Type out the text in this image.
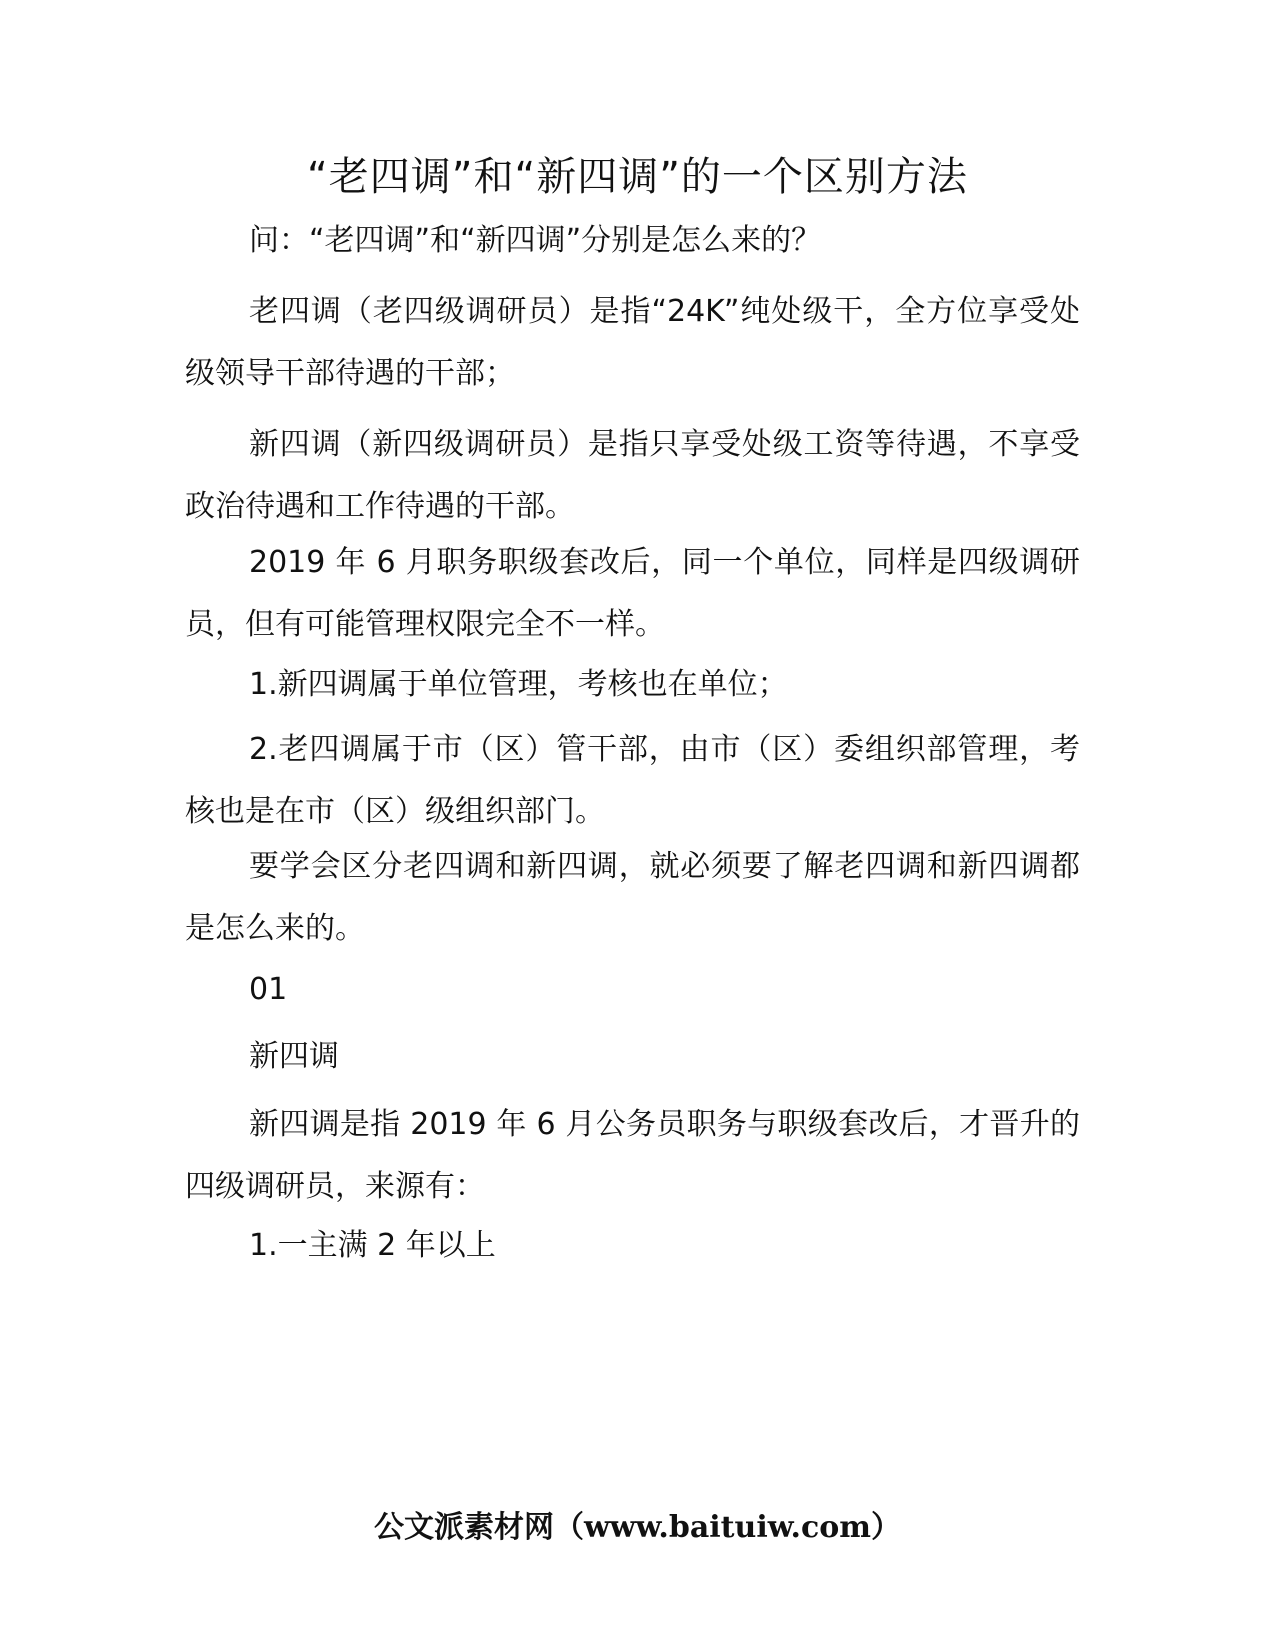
“老四调”和“新四调”的一个区别方法

问：“老四调”和“新四调”分别是怎么来的？

老四调（老四级调研员）是指“24K”纯处级干，全方位享受处级领导干部待遇的干部；

新四调（新四级调研员）是指只享受处级工资等待遇，不享受政治待遇和工作待遇的干部。

2019 年 6 月职务职级套改后，同一个单位，同样是四级调研员，但有可能管理权限完全不一样。

1.新四调属于单位管理，考核也在单位；

2.老四调属于市（区）管干部，由市（区）委组织部管理，考核也是在市（区）级组织部门。

要学会区分老四调和新四调，就必须要了解老四调和新四调都是怎么来的。

01

新四调

新四调是指 2019 年 6 月公务员职务与职级套改后，才晋升的四级调研员，来源有：

1.一主满 2 年以上

公文派素材网（www.baituiw.com）
